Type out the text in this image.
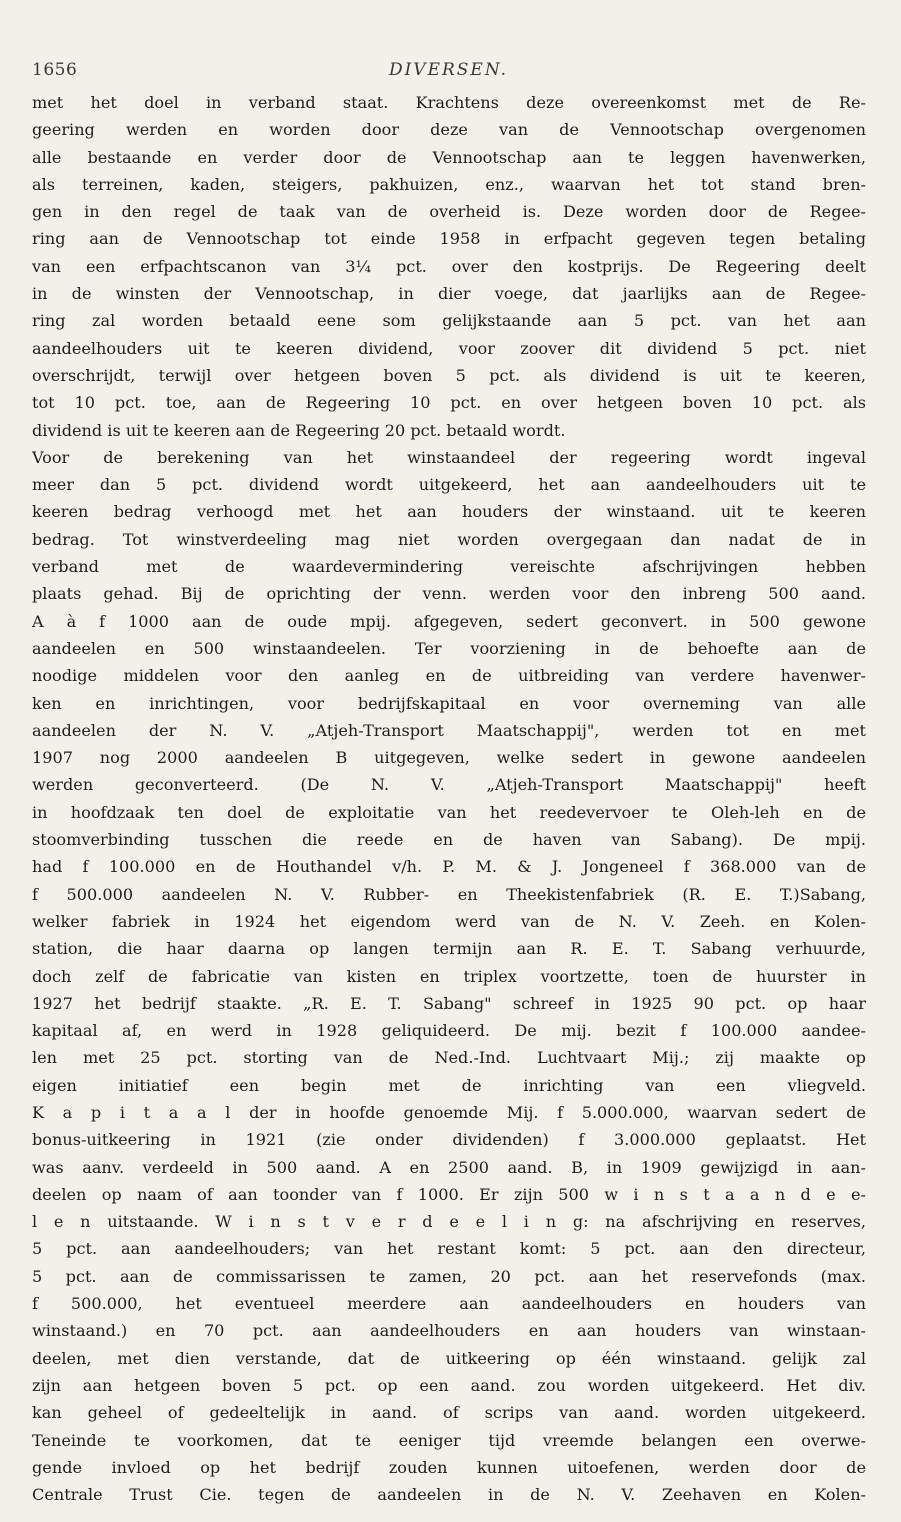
1656	DIVERSEN.
met het doel in verband staat. Krachtens deze overeenkomst met de Re-
geering werden en worden door deze van de Vennootschap overgenomen
alle bestaande en verder door de Vennootschap aan te leggen havenwerken,
als terreinen, kaden, steigers, pakhuizen, enz., waarvan het tot stand bren-
gen in den regel de taak van de overheid is. Deze worden door de Regee-
ring aan de Vennootschap tot einde 1958 in erfpacht gegeven tegen betaling
van een erfpachtscanon van 3¼ pct. over den kostprijs. De Regeering deelt
in de winsten der Vennootschap, in dier voege, dat jaarlijks aan de Regee-
ring zal worden betaald eene som gelijkstaande aan 5 pct. van het aan
aandeelhouders uit te keeren dividend, voor zoover dit dividend 5 pct. niet
overschrijdt, terwijl over hetgeen boven 5 pct. als dividend is uit te keeren,
tot 10 pct. toe, aan de Regeering 10 pct. en over hetgeen boven 10 pct. als
dividend is uit te keeren aan de Regeering 20 pct. betaald wordt.
Voor de berekening van het winstaandeel der regeering wordt ingeval
meer dan 5 pct. dividend wordt uitgekeerd, het aan aandeelhouders uit te
keeren bedrag verhoogd met het aan houders der winstaand. uit te keeren
bedrag. Tot winstverdeeling mag niet worden overgegaan dan nadat de in
verband met de waardevermindering vereischte afschrijvingen hebben
plaats gehad. Bij de oprichting der venn. werden voor den inbreng 500 aand.
A à f 1000 aan de oude mpij. afgegeven, sedert geconvert. in 500 gewone
aandeelen en 500 winstaandeelen. Ter voorziening in de behoefte aan de
noodige middelen voor den aanleg en de uitbreiding van verdere havenwer-
ken en inrichtingen, voor bedrijfskapitaal en voor overneming van alle
aandeelen der N. V. „Atjeh-Transport Maatschappij", werden tot en met
1907 nog 2000 aandeelen B uitgegeven, welke sedert in gewone aandeelen
werden geconverteerd. (De N. V. „Atjeh-Transport Maatschappij" heeft
in hoofdzaak ten doel de exploitatie van het reedevervoer te Oleh-leh en de
stoomverbinding tusschen die reede en de haven van Sabang). De mpij.
had f 100.000 en de Houthandel v/h. P. M. & J. Jongeneel f 368.000 van de
f 500.000 aandeelen N. V. Rubber- en Theekistenfabriek (R. E. T.)Sabang,
welker fabriek in 1924 het eigendom werd van de N. V. Zeeh. en Kolen-
station, die haar daarna op langen termijn aan R. E. T. Sabang verhuurde,
doch zelf de fabricatie van kisten en triplex voortzette, toen de huurster in
1927 het bedrijf staakte. „R. E. T. Sabang" schreef in 1925 90 pct. op haar
kapitaal af, en werd in 1928 geliquideerd. De mij. bezit f 100.000 aandee-
len met 25 pct. storting van de Ned.-Ind. Luchtvaart Mij.; zij maakte op
eigen initiatief een begin met de inrichting van een vliegveld.
K a p i t a a l der in hoofde genoemde Mij. f 5.000.000, waarvan sedert de
bonus-uitkeering in 1921 (zie onder dividenden) f 3.000.000 geplaatst. Het
was aanv. verdeeld in 500 aand. A en 2500 aand. B, in 1909 gewijzigd in aan-
deelen op naam of aan toonder van f 1000. Er zijn 500 w i n s t a a n d e e-
l e n uitstaande. W i n s t v e r d e e l i n g: na afschrijving en reserves,
5 pct. aan aandeelhouders; van het restant komt: 5 pct. aan den directeur,
5 pct. aan de commissarissen te zamen, 20 pct. aan het reservefonds (max.
f 500.000, het eventueel meerdere aan aandeelhouders en houders van
winstaand.) en 70 pct. aan aandeelhouders en aan houders van winstaan-
deelen, met dien verstande, dat de uitkeering op één winstaand. gelijk zal
zijn aan hetgeen boven 5 pct. op een aand. zou worden uitgekeerd. Het div.
kan geheel of gedeeltelijk in aand. of scrips van aand. worden uitgekeerd.
Teneinde te voorkomen, dat te eeniger tijd vreemde belangen een overwe-
gende invloed op het bedrijf zouden kunnen uitoefenen, werden door de
Centrale Trust Cie. tegen de aandeelen in de N. V. Zeehaven en Kolen-
